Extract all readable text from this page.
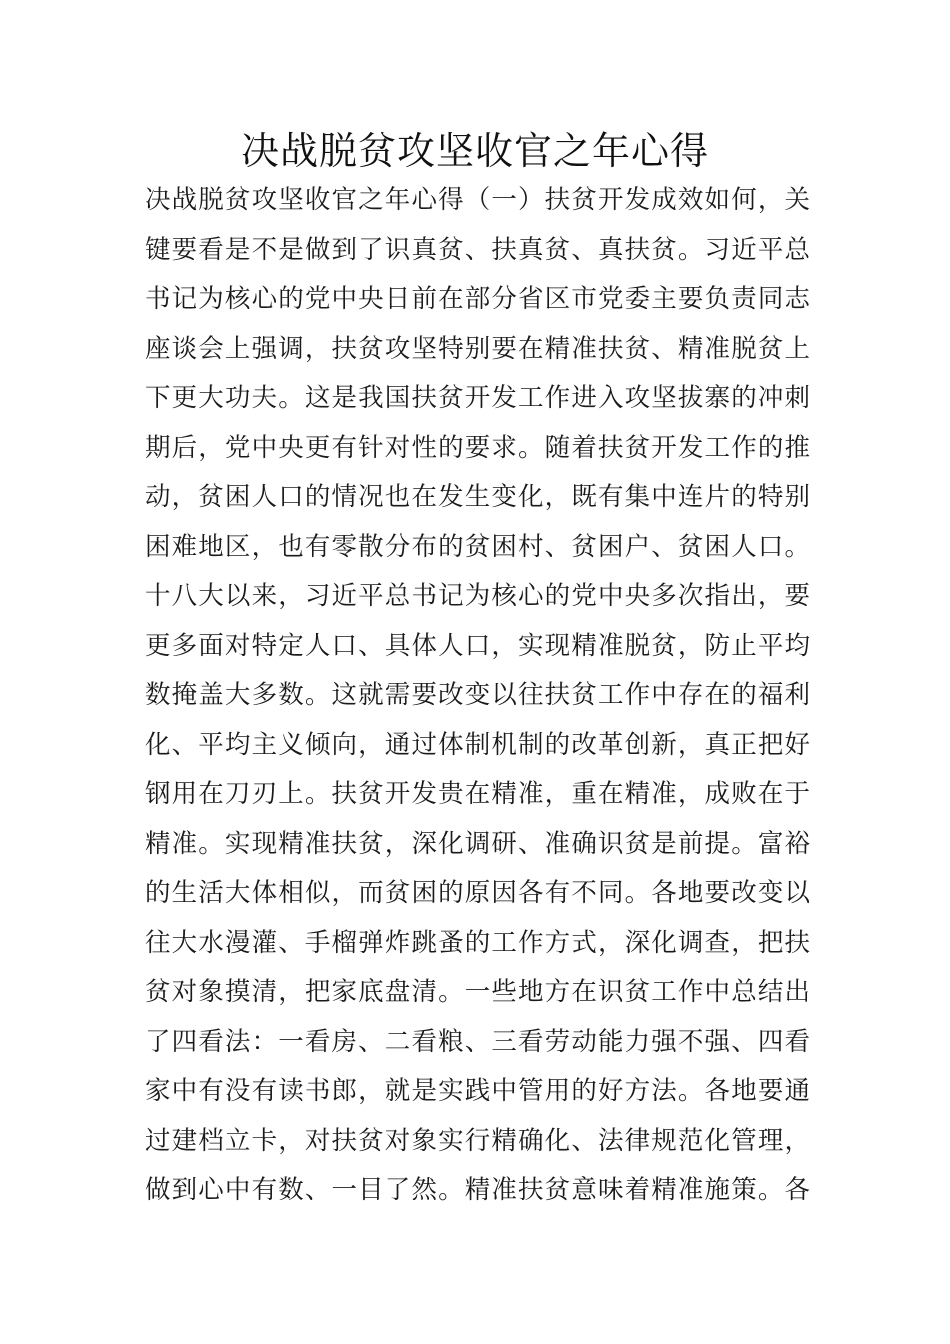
决战脱贫攻坚收官之年心得
决战脱贫攻坚收官之年心得（一）扶贫开发成效如何，关
键要看是不是做到了识真贫、扶真贫、真扶贫。习近平总
书记为核心的党中央日前在部分省区市党委主要负责同志
座谈会上强调，扶贫攻坚特别要在精准扶贫、精准脱贫上
下更大功夫。这是我国扶贫开发工作进入攻坚拔寨的冲刺
期后，党中央更有针对性的要求。随着扶贫开发工作的推
动，贫困人口的情况也在发生变化，既有集中连片的特别
困难地区，也有零散分布的贫困村、贫困户、贫困人口。
十八大以来，习近平总书记为核心的党中央多次指出，要
更多面对特定人口、具体人口，实现精准脱贫，防止平均
数掩盖大多数。这就需要改变以往扶贫工作中存在的福利
化、平均主义倾向，通过体制机制的改革创新，真正把好
钢用在刀刃上。扶贫开发贵在精准，重在精准，成败在于
精准。实现精准扶贫，深化调研、准确识贫是前提。富裕
的生活大体相似，而贫困的原因各有不同。各地要改变以
往大水漫灌、手榴弹炸跳蚤的工作方式，深化调查，把扶
贫对象摸清，把家底盘清。一些地方在识贫工作中总结出
了四看法：一看房、二看粮、三看劳动能力强不强、四看
家中有没有读书郎，就是实践中管用的好方法。各地要通
过建档立卡，对扶贫对象实行精确化、法律规范化管理，
做到心中有数、一目了然。精准扶贫意味着精准施策。各
